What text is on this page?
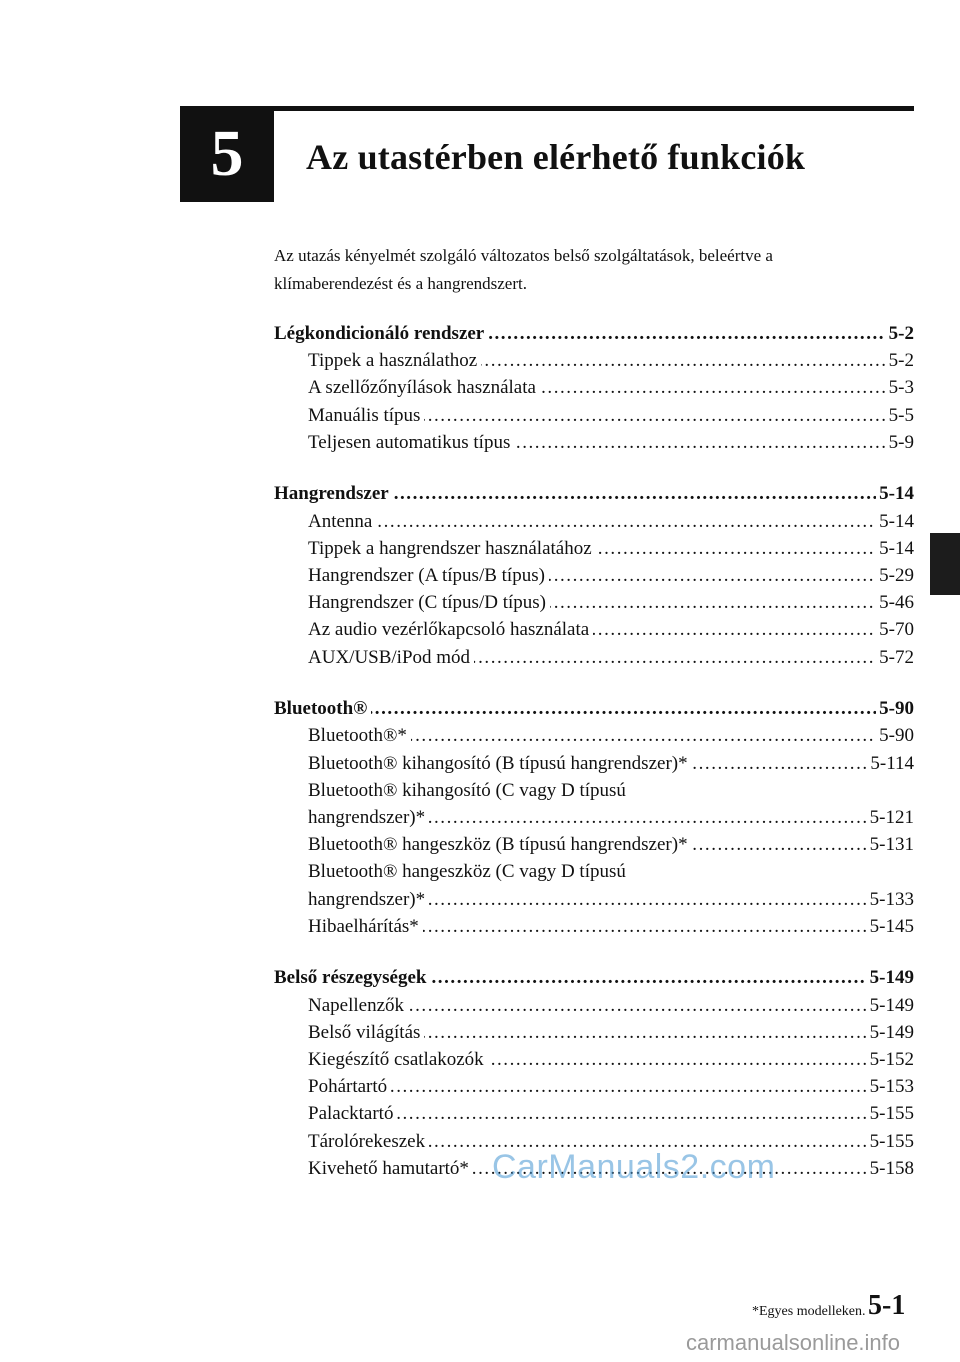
5 Az utastérben elérhető funkciók

Az utazás kényelmét szolgáló változatos belső szolgáltatások, beleértve a

klímaberendezést és a hangrendszert.

. . .
Légkondicionáló rendszer	5-2
. . .
Tippek a használathoz	5-2
. . .
A szellőzőnyílások használata	5-3
. . .
Manuális típus	5-5
. . .
Teljesen automatikus típus	5-9
. . .
Hangrendszer	5-14
. . .
Antenna	5-14
. . .
Tippek a hangrendszer használatához	5-14
. . .
Hangrendszer (A típus/B típus)	5-29
. . .
Hangrendszer (C típus/D típus)	5-46
. . .
Az audio vezérlőkapcsoló használata	5-70
. . .
AUX/USB/iPod mód	5-72
. . .
Bluetooth®	5-90
. . .
Bluetooth®*	5-90
. . .
Bluetooth® kihangosító (B típusú hangrendszer)*	5-114
Bluetooth® kihangosító (C vagy D típusú
. . .
hangrendszer)*	5-121
. . .
Bluetooth® hangeszköz (B típusú hangrendszer)*	5-131
Bluetooth® hangeszköz (C vagy D típusú
. . .
hangrendszer)*	5-133
. . .
Hibaelhárítás*	5-145
. . .
Belső részegységek	5-149
. . .
Napellenzők	5-149
. . .
Belső világítás	5-149
. . .
Kiegészítő csatlakozók	5-152
. . .
Pohártartó	5-153
. . .
Palacktartó	5-155
. . .
Tárolórekeszek	5-155
. . .
Kivehető hamutartó*	5-158
CarManuals2.com
*Egyes modelleken. 5-1
carmanualsonline.info
